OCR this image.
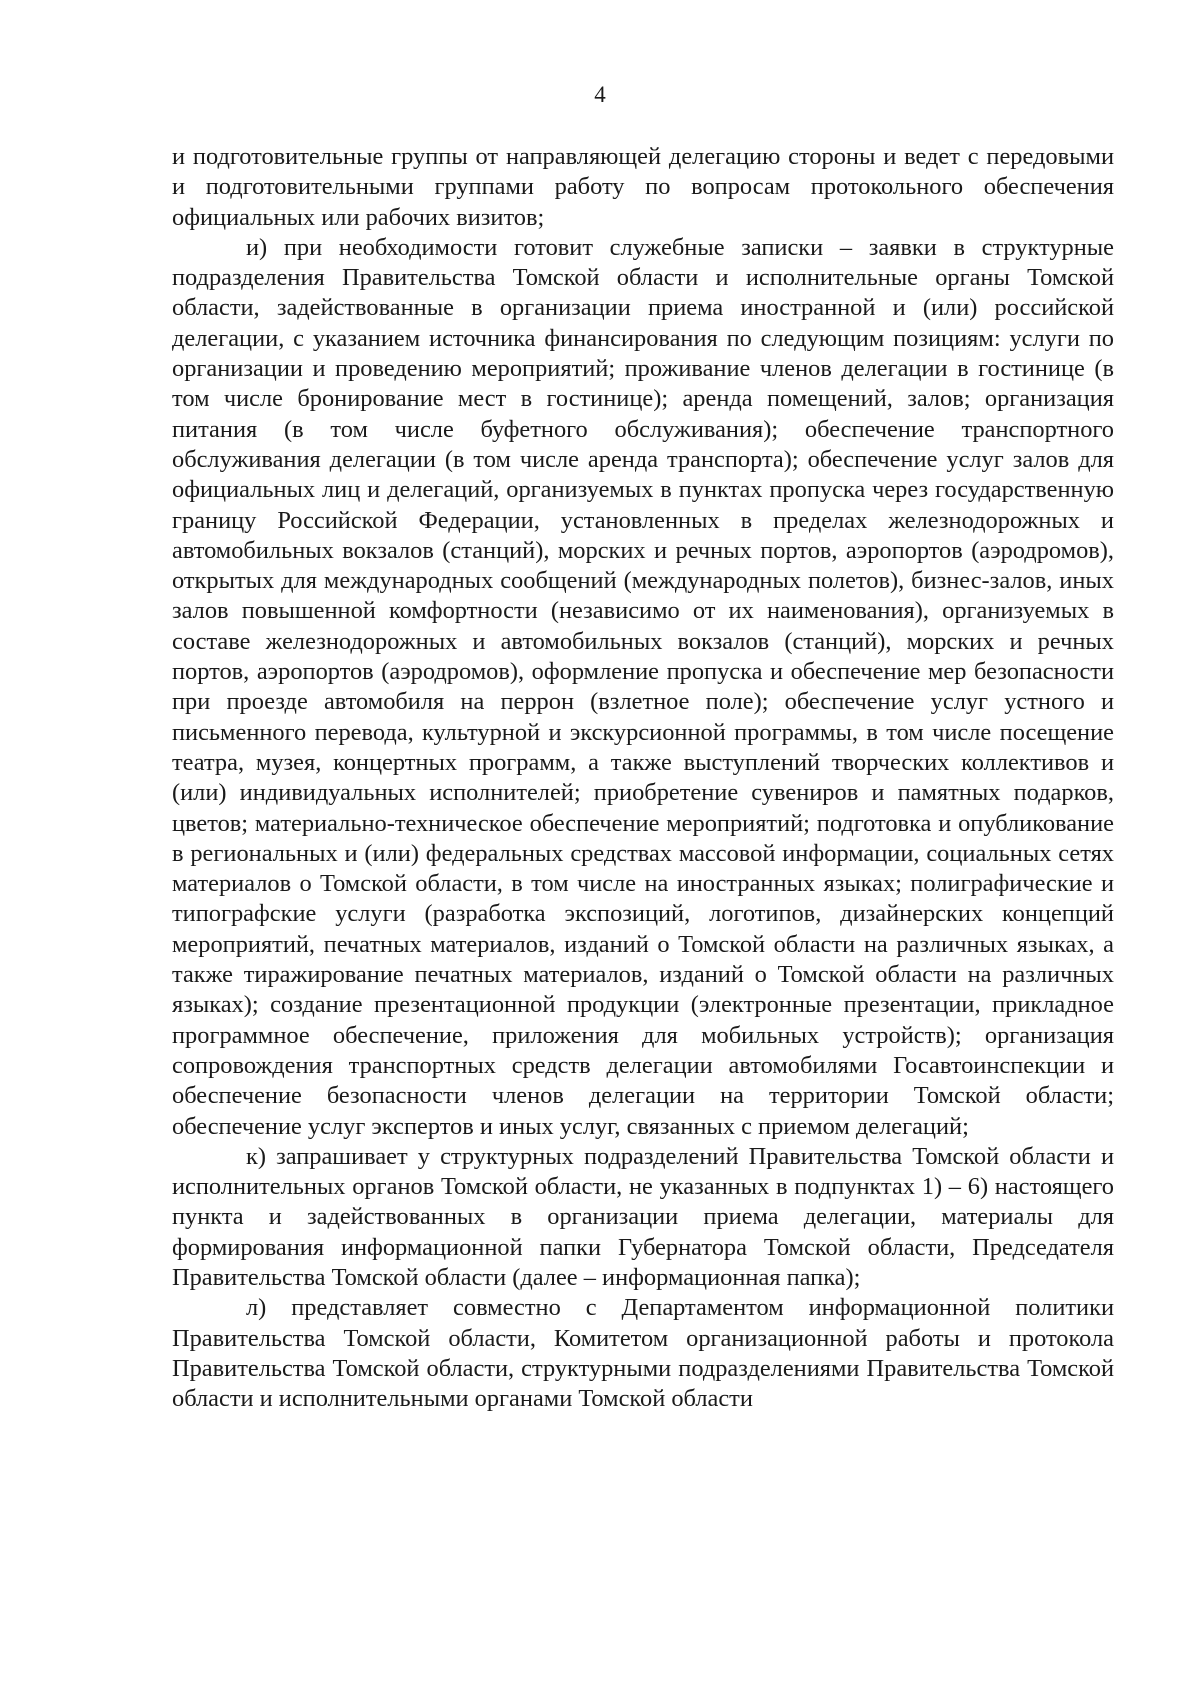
4

и подготовительные группы от направляющей делегацию стороны и ведет с передовыми и подготовительными группами работу по вопросам протокольного обеспечения официальных или рабочих визитов;

и) при необходимости готовит служебные записки – заявки в структурные подразделения Правительства Томской области и исполнительные органы Томской области, задействованные в организации приема иностранной и (или) российской делегации, с указанием источника финансирования по следующим позициям: услуги по организации и проведению мероприятий; проживание членов делегации в гостинице (в том числе бронирование мест в гостинице); аренда помещений, залов; организация питания (в том числе буфетного обслуживания); обеспечение транспортного обслуживания делегации (в том числе аренда транспорта); обеспечение услуг залов для официальных лиц и делегаций, организуемых в пунктах пропуска через государственную границу Российской Федерации, установленных в пределах железнодорожных и автомобильных вокзалов (станций), морских и речных портов, аэропортов (аэродромов), открытых для международных сообщений (международных полетов), бизнес-залов, иных залов повышенной комфортности (независимо от их наименования), организуемых в составе железнодорожных и автомобильных вокзалов (станций), морских и речных портов, аэропортов (аэродромов), оформление пропуска и обеспечение мер безопасности при проезде автомобиля на перрон (взлетное поле); обеспечение услуг устного и письменного перевода, культурной и экскурсионной программы, в том числе посещение театра, музея, концертных программ, а также выступлений творческих коллективов и (или) индивидуальных исполнителей; приобретение сувениров и памятных подарков, цветов; материально-техническое обеспечение мероприятий; подготовка и опубликование в региональных и (или) федеральных средствах массовой информации, социальных сетях материалов о Томской области, в том числе на иностранных языках; полиграфические и типографские услуги (разработка экспозиций, логотипов, дизайнерских концепций мероприятий, печатных материалов, изданий о Томской области на различных языках, а также тиражирование печатных материалов, изданий о Томской области на различных языках); создание презентационной продукции (электронные презентации, прикладное программное обеспечение, приложения для мобильных устройств); организация сопровождения транспортных средств делегации автомобилями Госавтоинспекции и обеспечение безопасности членов делегации на территории Томской области; обеспечение услуг экспертов и иных услуг, связанных с приемом делегаций;

к) запрашивает у структурных подразделений Правительства Томской области и исполнительных органов Томской области, не указанных в подпунктах 1) – 6) настоящего пункта и задействованных в организации приема делегации, материалы для формирования информационной папки Губернатора Томской области, Председателя Правительства Томской области (далее – информационная папка);

л) представляет совместно с Департаментом информационной политики Правительства Томской области, Комитетом организационной работы и протокола Правительства Томской области, структурными подразделениями Правительства Томской области и исполнительными органами Томской области
